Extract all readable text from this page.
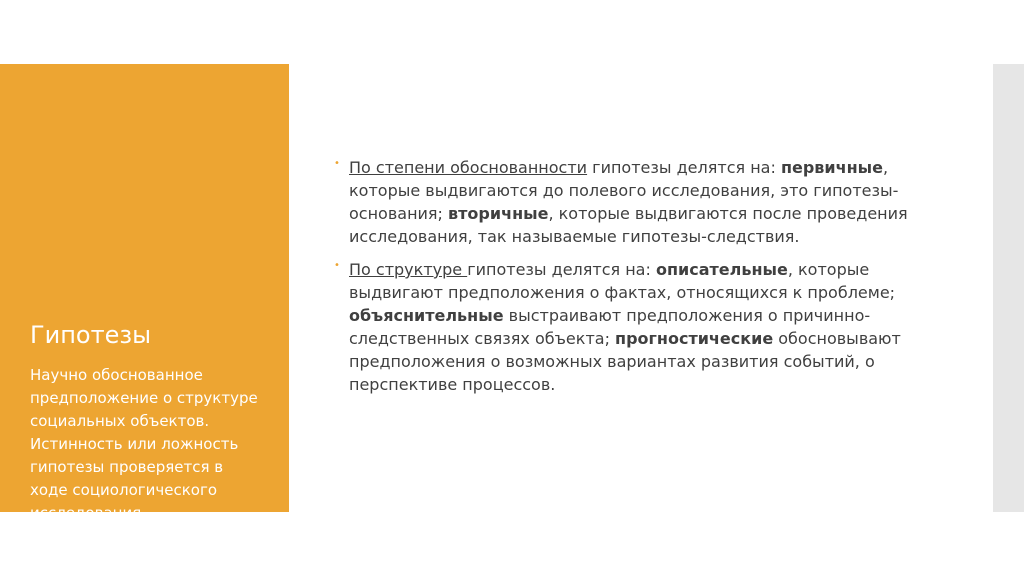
Гипотезы

Научно обоснованное предположение о структуре социальных объектов. Истинность или ложность гипотезы проверяется в ходе социологического исследования

• По степени обоснованности гипотезы делятся на: первичные, которые выдвигаются до полевого исследования, это гипотезы-основания; вторичные, которые выдвигаются после проведения исследования, так называемые гипотезы-следствия.
• По структуре гипотезы делятся на: описательные, которые выдвигают предположения о фактах, относящихся к проблеме; объяснительные выстраивают предположения о причинно-следственных связях объекта; прогностические обосновывают предположения о возможных вариантах развития событий, о перспективе процессов.
